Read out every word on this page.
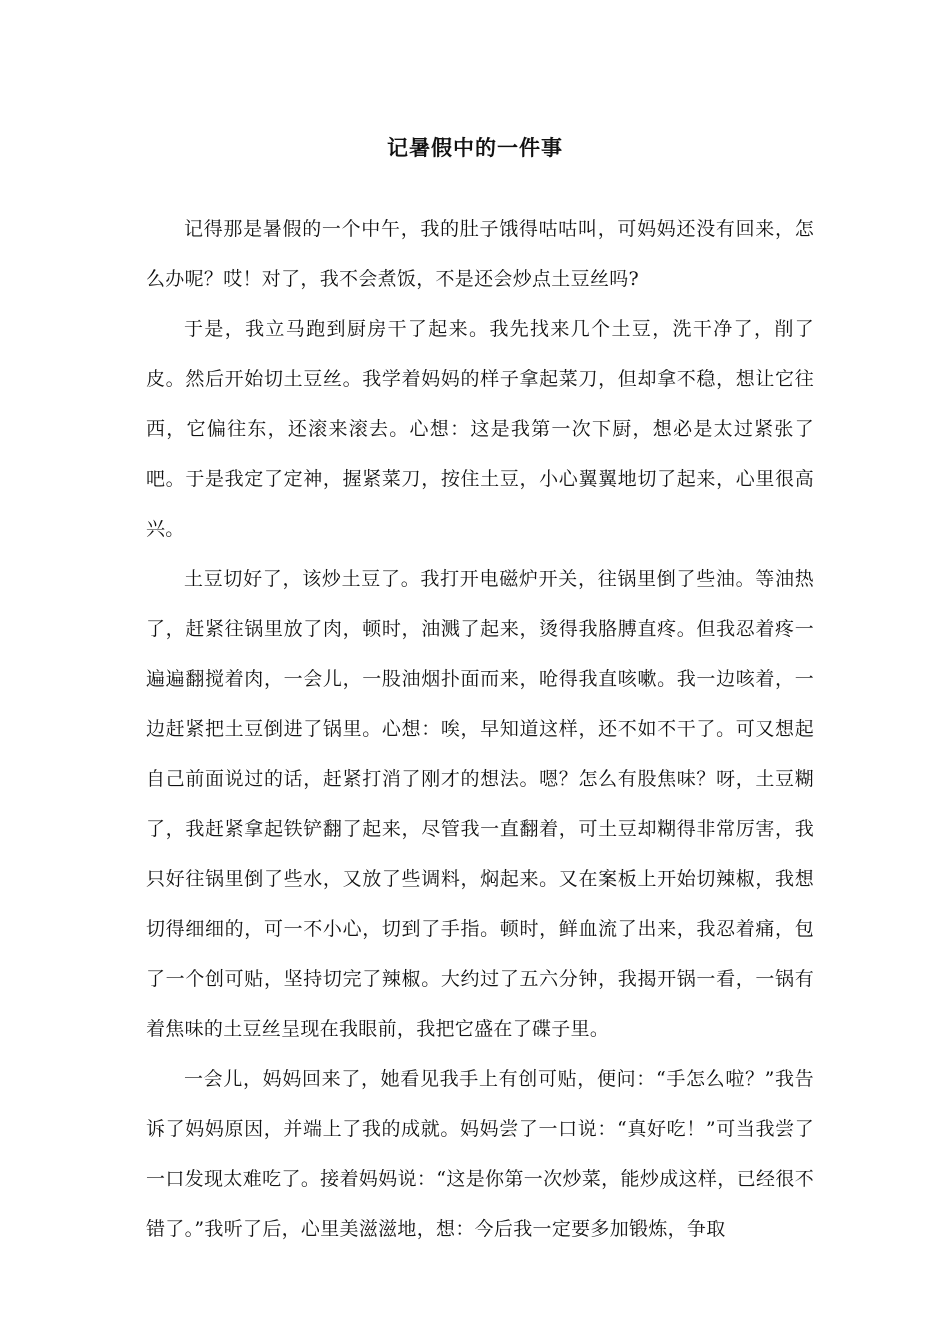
记暑假中的一件事

记得那是暑假的一个中午，我的肚子饿得咕咕叫，可妈妈还没有回来，怎么办呢？哎！对了，我不会煮饭，不是还会炒点土豆丝吗?

于是，我立马跑到厨房干了起来。我先找来几个土豆，洗干净了，削了皮。然后开始切土豆丝。我学着妈妈的样子拿起菜刀，但却拿不稳，想让它往西，它偏往东，还滚来滚去。心想：这是我第一次下厨，想必是太过紧张了吧。于是我定了定神，握紧菜刀，按住土豆，小心翼翼地切了起来，心里很高兴。

土豆切好了，该炒土豆了。我打开电磁炉开关，往锅里倒了些油。等油热了，赶紧往锅里放了肉，顿时，油溅了起来，烫得我胳膊直疼。但我忍着疼一遍遍翻搅着肉，一会儿，一股油烟扑面而来，呛得我直咳嗽。我一边咳着，一边赶紧把土豆倒进了锅里。心想：唉，早知道这样，还不如不干了。可又想起自己前面说过的话，赶紧打消了刚才的想法。嗯？怎么有股焦味？呀，土豆糊了，我赶紧拿起铁铲翻了起来，尽管我一直翻着，可土豆却糊得非常厉害，我只好往锅里倒了些水，又放了些调料，焖起来。又在案板上开始切辣椒，我想切得细细的，可一不小心，切到了手指。顿时，鲜血流了出来，我忍着痛，包了一个创可贴，坚持切完了辣椒。大约过了五六分钟，我揭开锅一看，一锅有着焦味的土豆丝呈现在我眼前，我把它盛在了碟子里。

一会儿，妈妈回来了，她看见我手上有创可贴，便问：“手怎么啦？”我告诉了妈妈原因，并端上了我的成就。妈妈尝了一口说：“真好吃！”可当我尝了一口发现太难吃了。接着妈妈说：“这是你第一次炒菜，能炒成这样，已经很不错了。”我听了后，心里美滋滋地，想：今后我一定要多加锻炼，争取
